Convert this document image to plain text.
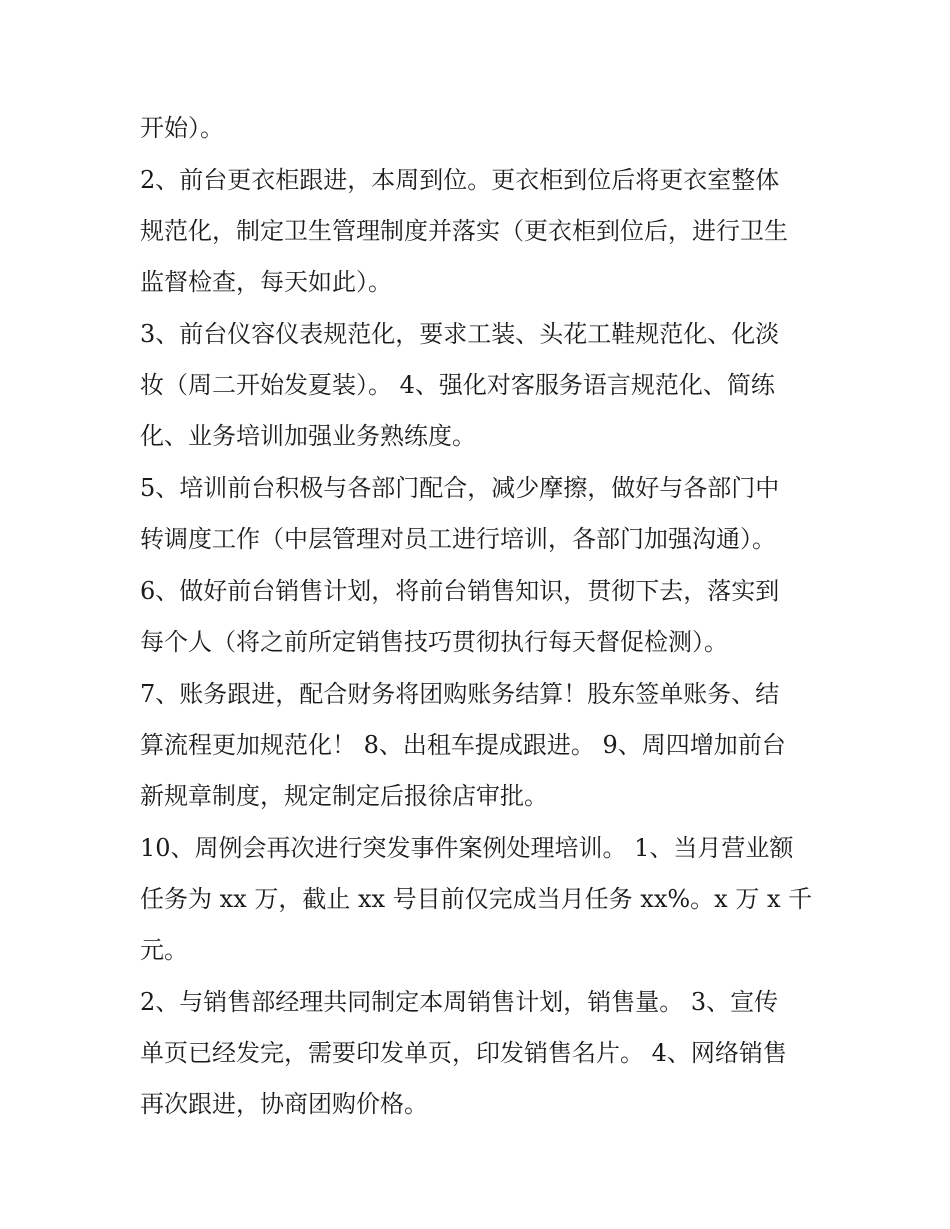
开始）。
2、前台更衣柜跟进，本周到位。更衣柜到位后将更衣室整体
规范化，制定卫生管理制度并落实（更衣柜到位后，进行卫生
监督检查，每天如此）。
3、前台仪容仪表规范化，要求工装、头花工鞋规范化、化淡
妆（周二开始发夏装）。 4、强化对客服务语言规范化、简练
化、业务培训加强业务熟练度。
5、培训前台积极与各部门配合，减少摩擦，做好与各部门中
转调度工作（中层管理对员工进行培训，各部门加强沟通）。
6、做好前台销售计划，将前台销售知识，贯彻下去，落实到
每个人（将之前所定销售技巧贯彻执行每天督促检测）。
7、账务跟进，配合财务将团购账务结算！股东签单账务、结
算流程更加规范化！ 8、出租车提成跟进。 9、周四增加前台
新规章制度，规定制定后报徐店审批。
10、周例会再次进行突发事件案例处理培训。 1、当月营业额
任务为 xx 万，截止 xx 号目前仅完成当月任务 xx%。x 万 x 千
元。
2、与销售部经理共同制定本周销售计划，销售量。 3、宣传
单页已经发完，需要印发单页，印发销售名片。 4、网络销售
再次跟进，协商团购价格。
